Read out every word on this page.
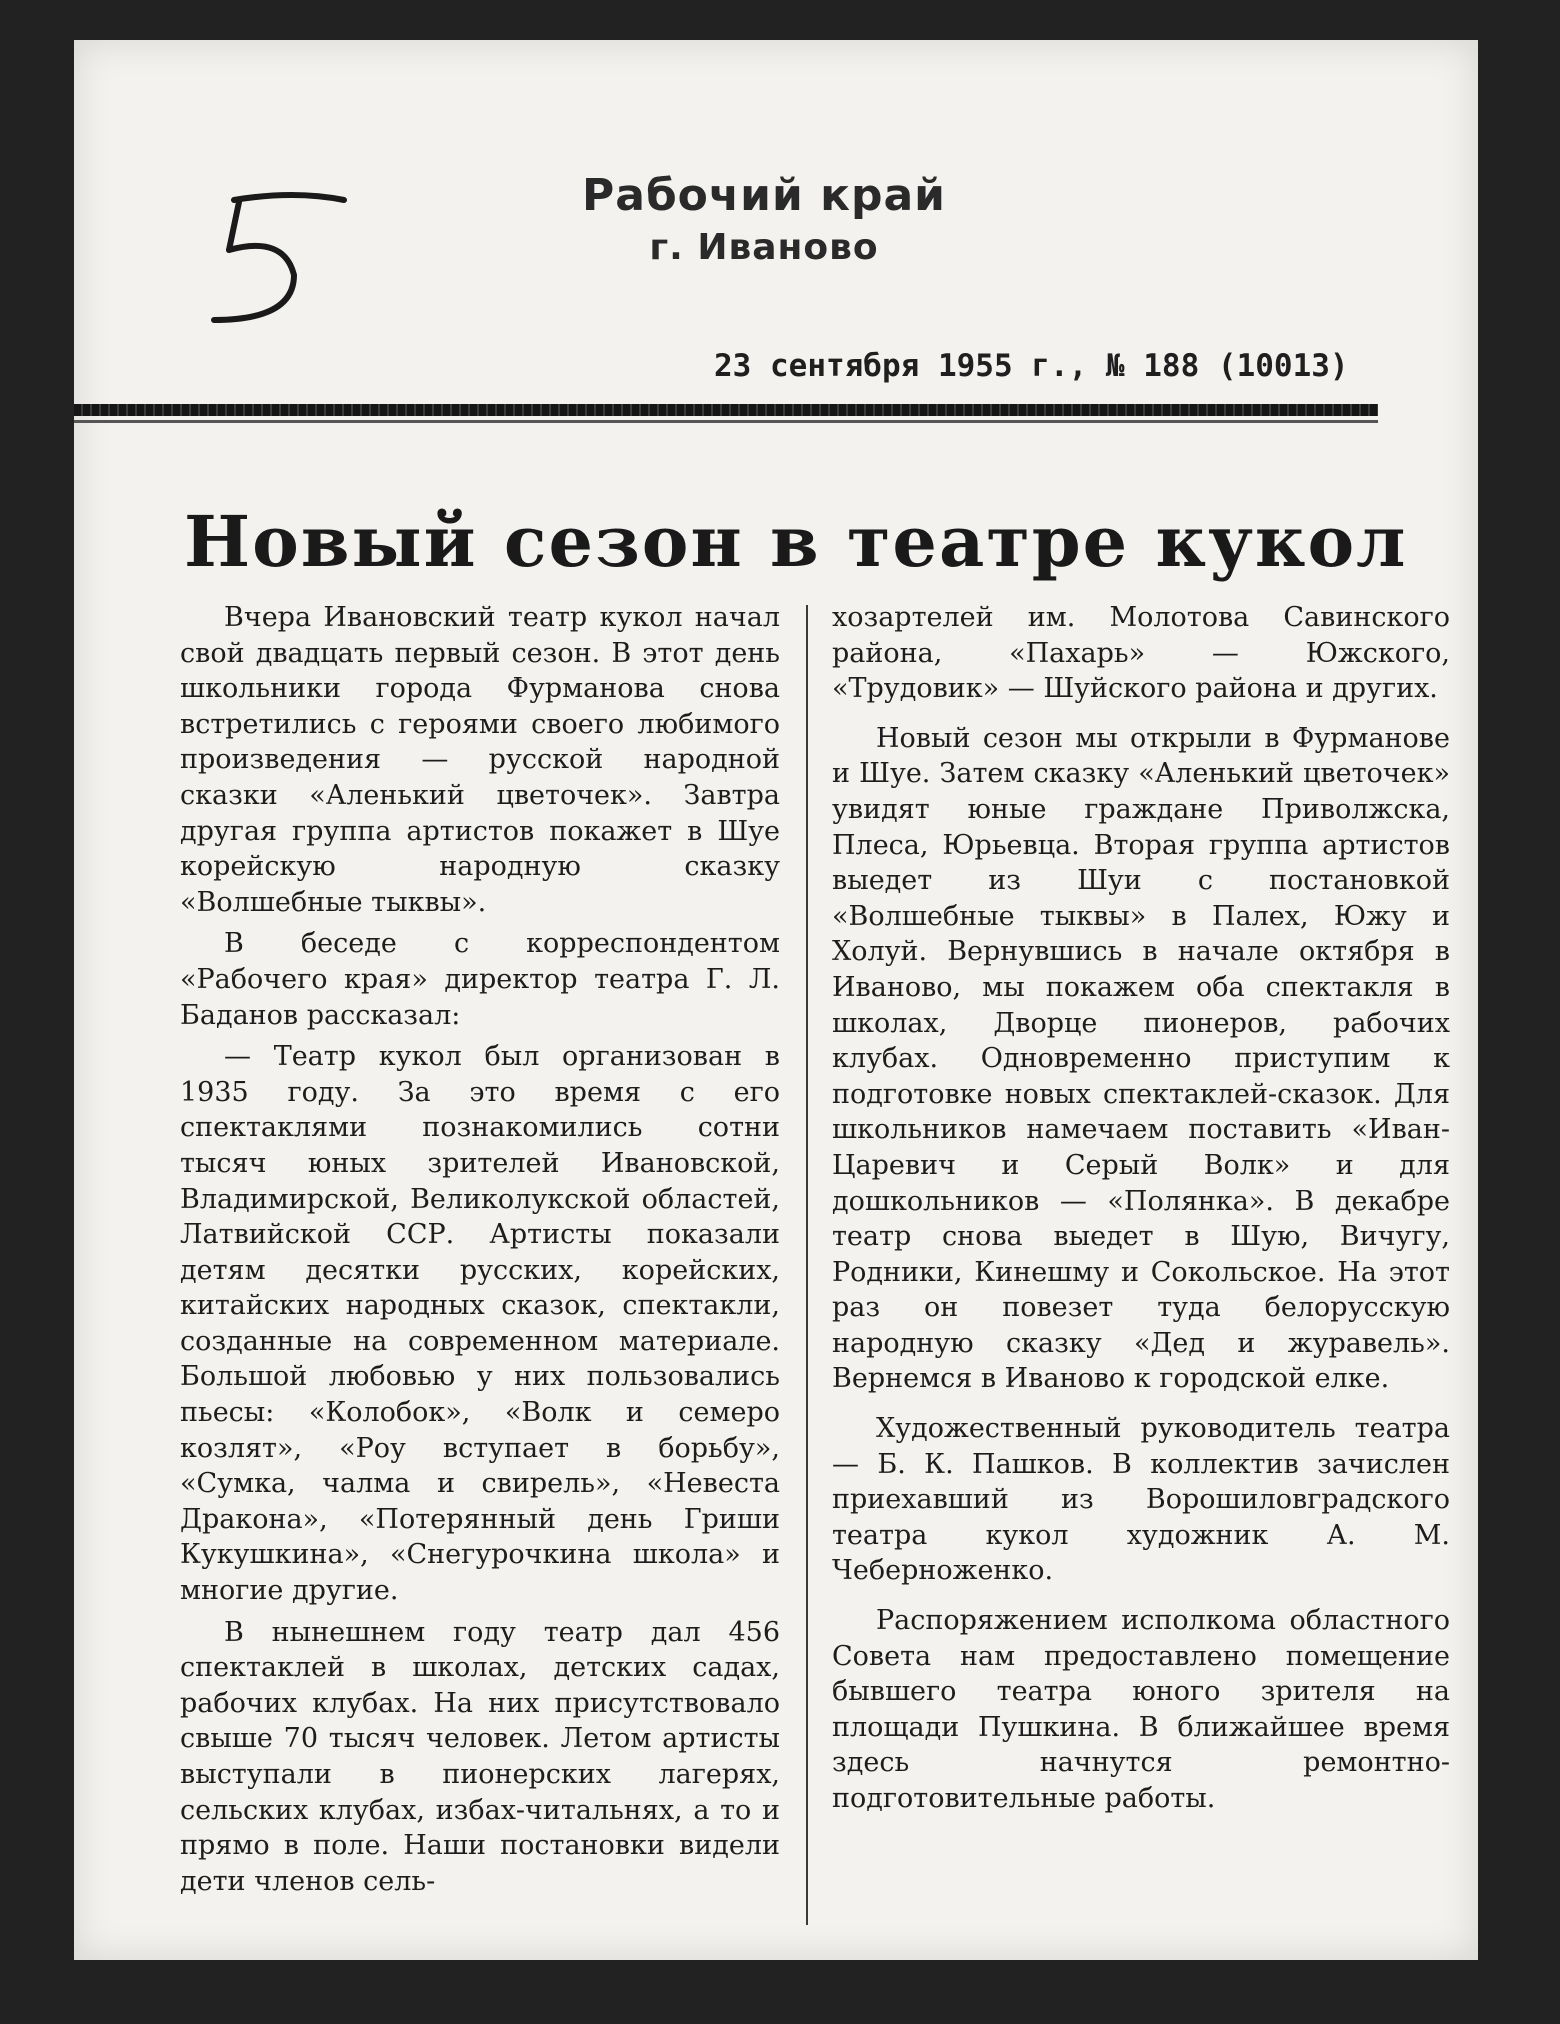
Рабочий край
г. Иваново
23 сентября 1955 г., № 188 (10013)
Новый сезон в театре кукол

Вчера Ивановский театр кукол начал свой двадцать первый сезон. В этот день школьники города Фурманова снова встретились с героями своего любимого произведения — русской народной сказки «Аленький цветочек». Завтра другая группа артистов покажет в Шуе корейскую народную сказку «Волшебные тыквы».

В беседе с корреспондентом «Рабочего края» директор театра Г. Л. Баданов рассказал:

— Театр кукол был организован в 1935 году. За это время с его спектаклями познакомились сотни тысяч юных зрителей Ивановской, Владимирской, Великолукской областей, Латвийской ССР. Артисты показали детям десятки русских, корейских, китайских народных сказок, спектакли, созданные на современном материале. Большой любовью у них пользовались пьесы: «Колобок», «Волк и семеро козлят», «Роу вступает в борьбу», «Сумка, чалма и свирель», «Невеста Дракона», «Потерянный день Гриши Кукушкина», «Снегурочкина школа» и многие другие.

В нынешнем году театр дал 456 спектаклей в школах, детских садах, рабочих клубах. На них присутствовало свыше 70 тысяч человек. Летом артисты выступали в пионерских лагерях, сельских клубах, избах-читальнях, а то и прямо в поле. Наши постановки видели дети членов сель-

хозартелей им. Молотова Савинского района, «Пахарь» — Южского, «Трудовик» — Шуйского района и других.

Новый сезон мы открыли в Фурманове и Шуе. Затем сказку «Аленький цветочек» увидят юные граждане Приволжска, Плеса, Юрьевца. Вторая группа артистов выедет из Шуи с постановкой «Волшебные тыквы» в Палех, Южу и Холуй. Вернувшись в начале октября в Иваново, мы покажем оба спектакля в школах, Дворце пионеров, рабочих клубах. Одновременно приступим к подготовке новых спектаклей-сказок. Для школьников намечаем поставить «Иван-Царевич и Серый Волк» и для дошкольников — «Полянка». В декабре театр снова выедет в Шую, Вичугу, Родники, Кинешму и Сокольское. На этот раз он повезет туда белорусскую народную сказку «Дед и журавель». Вернемся в Иваново к городской елке.

Художественный руководитель театра — Б. К. Пашков. В коллектив зачислен приехавший из Ворошиловградского театра кукол художник А. М. Чеберноженко.

Распоряжением исполкома областного Совета нам предоставлено помещение бывшего театра юного зрителя на площади Пушкина. В ближайшее время здесь начнутся ремонтно-подготовительные работы.
